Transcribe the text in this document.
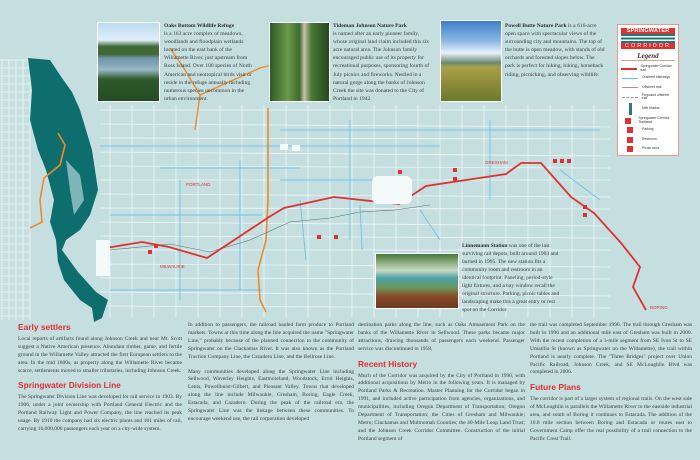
PORTLAND
MILWAUKIE
GRESHAM
BORING
Oaks Bottom Wildlife Refuge
is a 163 acre complex of meadows, woodlands and floodplain wetlands located on the east bank of the Willamette River, just upstream from Ross Island. Over 100 species of North American and neotropical birds visit or reside in the refuge annually including numerous species uncommon in the urban environment.
Tideman Johnson Nature Park
is named after an early pioneer family, whose original land claim included this six acre natural area. The Johnson family encouraged public use of its property for recreational purposes, sponsoring fourth of July picnics and fireworks. Nestled in a natural gorge along the banks of Johnson Creek the site was donated to the City of Portland in 1942.
Powell Butte Nature Park is a 616-acre open space with spectacular views of the surrounding city and mountains. The top of the butte is open meadow, with stands of old orchards and forested slopes below. The park is perfect for hiking, biking, horseback riding, picnicking, and observing wildlife.
SPRINGWATER
CORRIDOR
Legend
Springwater Corridor trail
Onstreet bikeways
Offstreet trail
Proposed offstreet trail
Mile Marker
Springwater Corridor Trailhead
Parking
Restroom
Picnic Area
Linnemann Station was one of the last surviving rail depots, built around 1903 and burned in 1995. The new station fits a community room and restroom in an identical footprint. Paneling, period-style light fixtures, and a bay window recall the original structure. Parking, picnic tables and landscaping make this a great entry or rest spot on the Corridor.
Early settlers

Local reports of artifacts found along Johnson Creek and near Mt. Scott suggest a Native American presence. Abundant timber, game, and fertile ground in the Willamette Valley attracted the first European settlers to the area. In the mid 1800s, as property along the Willamette River became scarce, settlements moved to smaller tributaries, including Johnson Creek.

Springwater Division Line

The Springwater Division Line was developed for rail service in 1903. By 1906, under a joint ownership with Portland General Electric and the Portland Railway Light and Power Company, the line reached its peak usage. By 1910 the company had six electric plants and 161 miles of rail, carrying 16,000,000 passengers each year on a city-wide system.

In addition to passengers, the railroad hauled farm produce to Portland markets. Towns at this time along the line acquired the name "Springwater Line," probably because of the planned connection to the community of Springwater on the Clackamas River. It was also known as the Portland Traction Company Line, the Cazadero Line, and the Bellrose Line.

Many communities developed along the Springwater Line including Sellwood, Waverley Heights, Eastmoreland, Woodstock, Errol Heights, Lents, Powellhurst-Gilbert, and Pleasant Valley. Towns that developed along the line include Milwaukie, Gresham, Boring, Eagle Creek, Estacada, and Cazadero. During the peak of the railroad era, the Springwater Line was the linkage between these communities. To encourage weekend use, the rail corporation developed

destination parks along the line, such as Oaks Amusement Park on the banks of the Willamette River in Sellwood. These parks became major attractions, drawing thousands of passengers each weekend. Passenger service was discontinued in 1958.

Recent History

Much of the Corridor was acquired by the City of Portland in 1990, with additional acquisitions by Metro in the following years. It is managed by Portland Parks & Recreation. Master Planning for the Corridor began in 1991, and included active participation from agencies, organizations, and municipalities, including Oregon Department of Transportation; Oregon Department of Transportation; the Cities of Gresham and Milwaukie; Metro; Clackamas and Multnomah Counties; the 40-Mile Loop Land Trust; and the Johnson Creek Corridor Committee. Construction of the initial Portland segment of

the trail was completed September 1996. The trail through Gresham was built in 1996 and an additional mile east of Gresham was built in 2000. With the recent completion of a 3-mile segment from SE Ivon St to SE Umatilla St (known as Springwater on the Willamette), the trail within Portland is nearly complete. The "Three Bridges" project over Union Pacific Railroad, Johnson Creek, and SE McLoughlin Blvd was completed in 2006.

Future Plans

The corridor is part of a larger system of regional trails. On the west side of McLoughlin is parallels the Willamette River to the eastside industrial area, and south of Boring it continues to Estacada. The addition of the 10.8 mile section between Boring and Estacada or routes east to Government Camp offer the real possibility of a trail connection to the Pacific Crest Trail.
